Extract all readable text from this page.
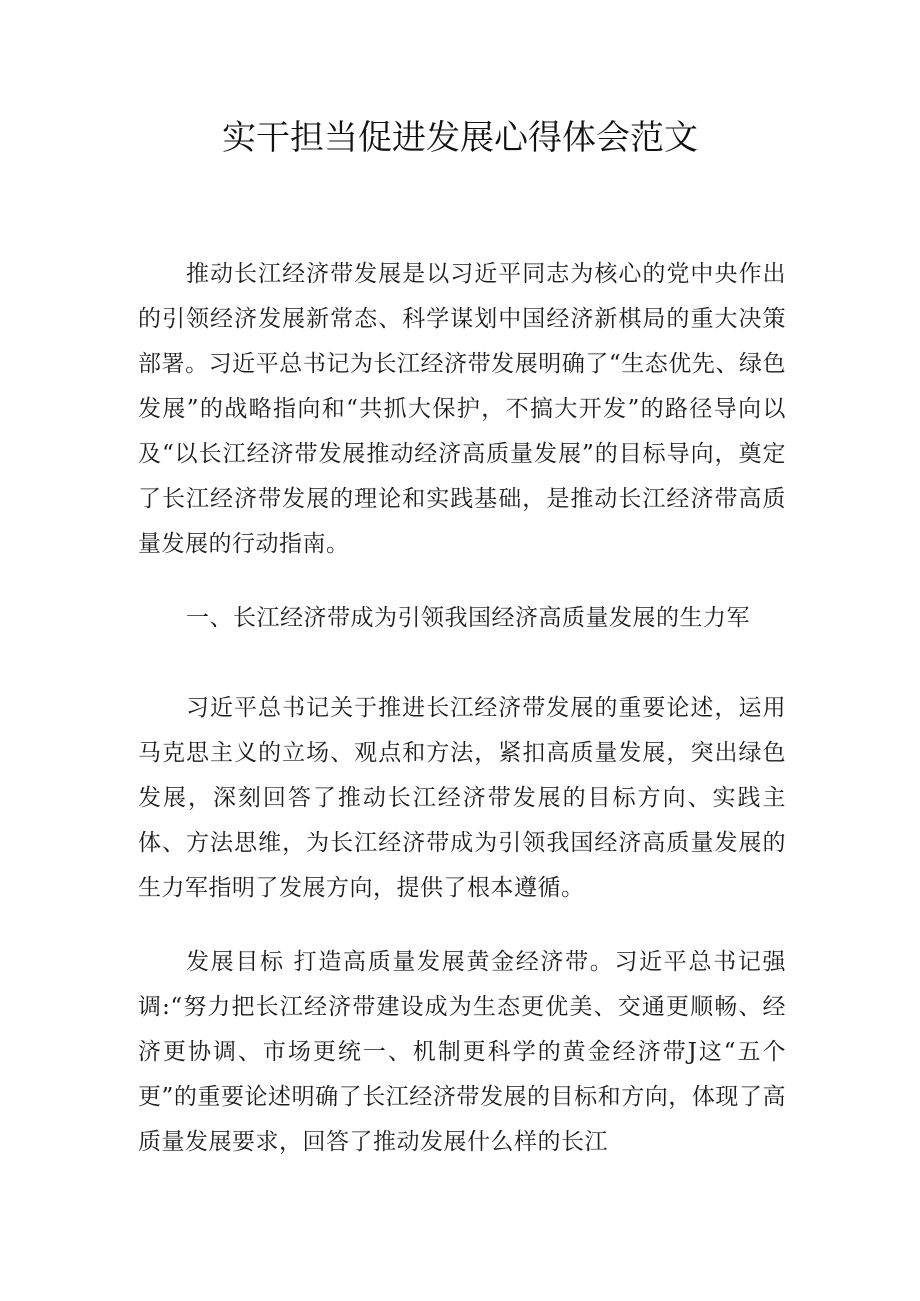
实干担当促进发展心得体会范文

推动长江经济带发展是以习近平同志为核心的党中央作出的引领经济发展新常态、科学谋划中国经济新棋局的重大决策部署。习近平总书记为长江经济带发展明确了“生态优先、绿色发展”的战略指向和“共抓大保护，不搞大开发”的路径导向以及“以长江经济带发展推动经济高质量发展”的目标导向，奠定了长江经济带发展的理论和实践基础，是推动长江经济带高质量发展的行动指南。

一、长江经济带成为引领我国经济高质量发展的生力军

习近平总书记关于推进长江经济带发展的重要论述，运用马克思主义的立场、观点和方法，紧扣高质量发展，突出绿色发展，深刻回答了推动长江经济带发展的目标方向、实践主体、方法思维，为长江经济带成为引领我国经济高质量发展的生力军指明了发展方向，提供了根本遵循。

发展目标 打造高质量发展黄金经济带。习近平总书记强调:“努力把长江经济带建设成为生态更优美、交通更顺畅、经济更协调、市场更统一、机制更科学的黄金经济带J这“五个更”的重要论述明确了长江经济带发展的目标和方向，体现了高质量发展要求，回答了推动发展什么样的长江
